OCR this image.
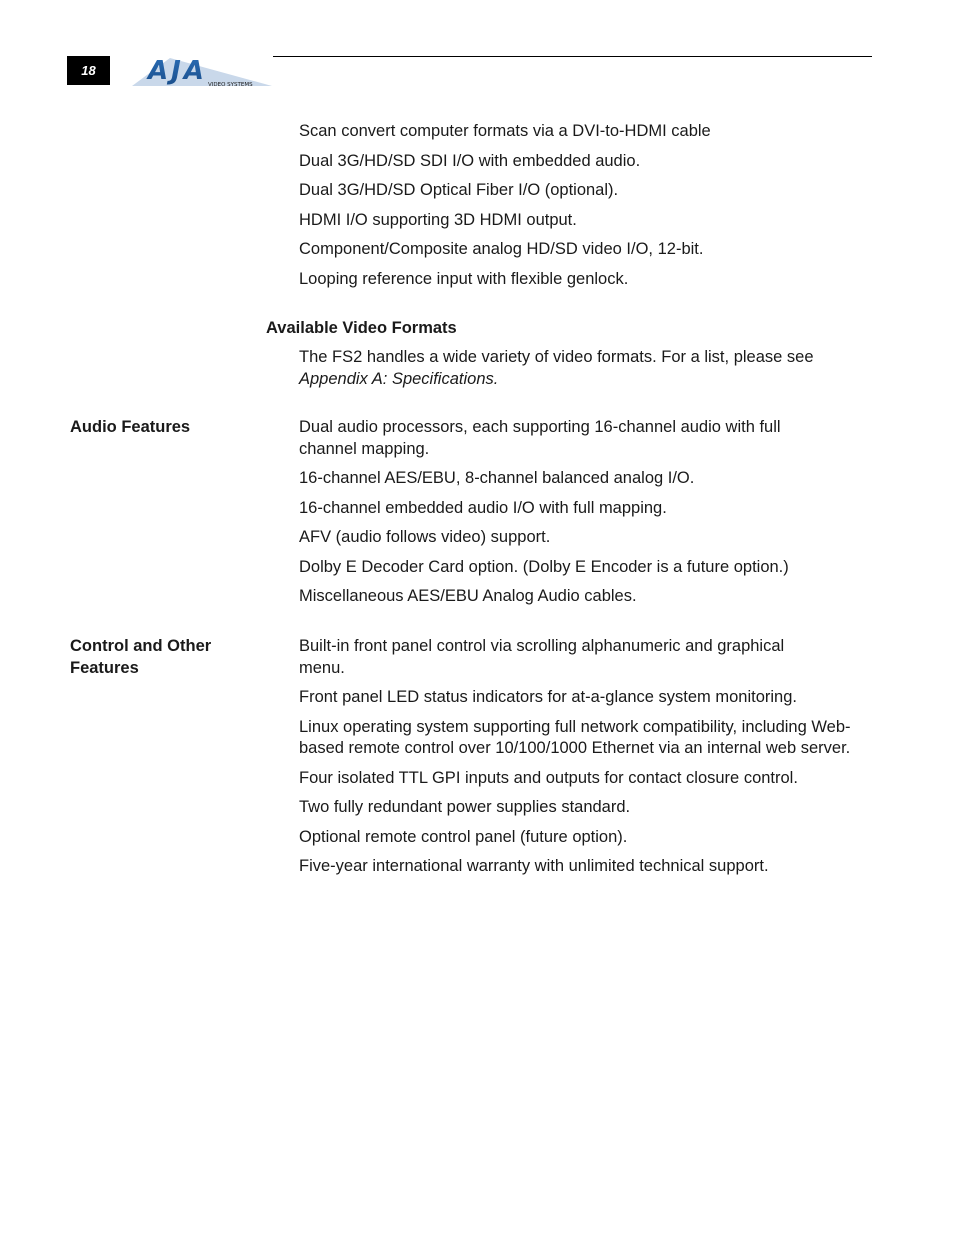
18	AJA VIDEO SYSTEMS
Scan convert computer formats via a DVI-to-HDMI cable
Dual 3G/HD/SD SDI I/O with embedded audio.
Dual 3G/HD/SD Optical Fiber I/O (optional).
HDMI I/O supporting 3D HDMI output.
Component/Composite analog HD/SD video I/O, 12-bit.
Looping reference input with flexible genlock.
Available Video Formats

The FS2 handles a wide variety of video formats. For a list, please see
Appendix A: Specifications.

Audio Features	Dual audio processors, each supporting 16-channel audio with full channel mapping.
16-channel AES/EBU, 8-channel balanced analog I/O.
16-channel embedded audio I/O with full mapping.
AFV (audio follows video) support.
Dolby E Decoder Card option. (Dolby E Encoder is a future option.)
Miscellaneous AES/EBU Analog Audio cables.
Control and Other Features
Built-in front panel control via scrolling alphanumeric and graphical menu.
Front panel LED status indicators for at-a-glance system monitoring.
Linux operating system supporting full network compatibility, including Web-based remote control over 10/100/1000 Ethernet via an internal web server.
Four isolated TTL GPI inputs and outputs for contact closure control.
Two fully redundant power supplies standard.
Optional remote control panel (future option).
Five-year international warranty with unlimited technical support.
